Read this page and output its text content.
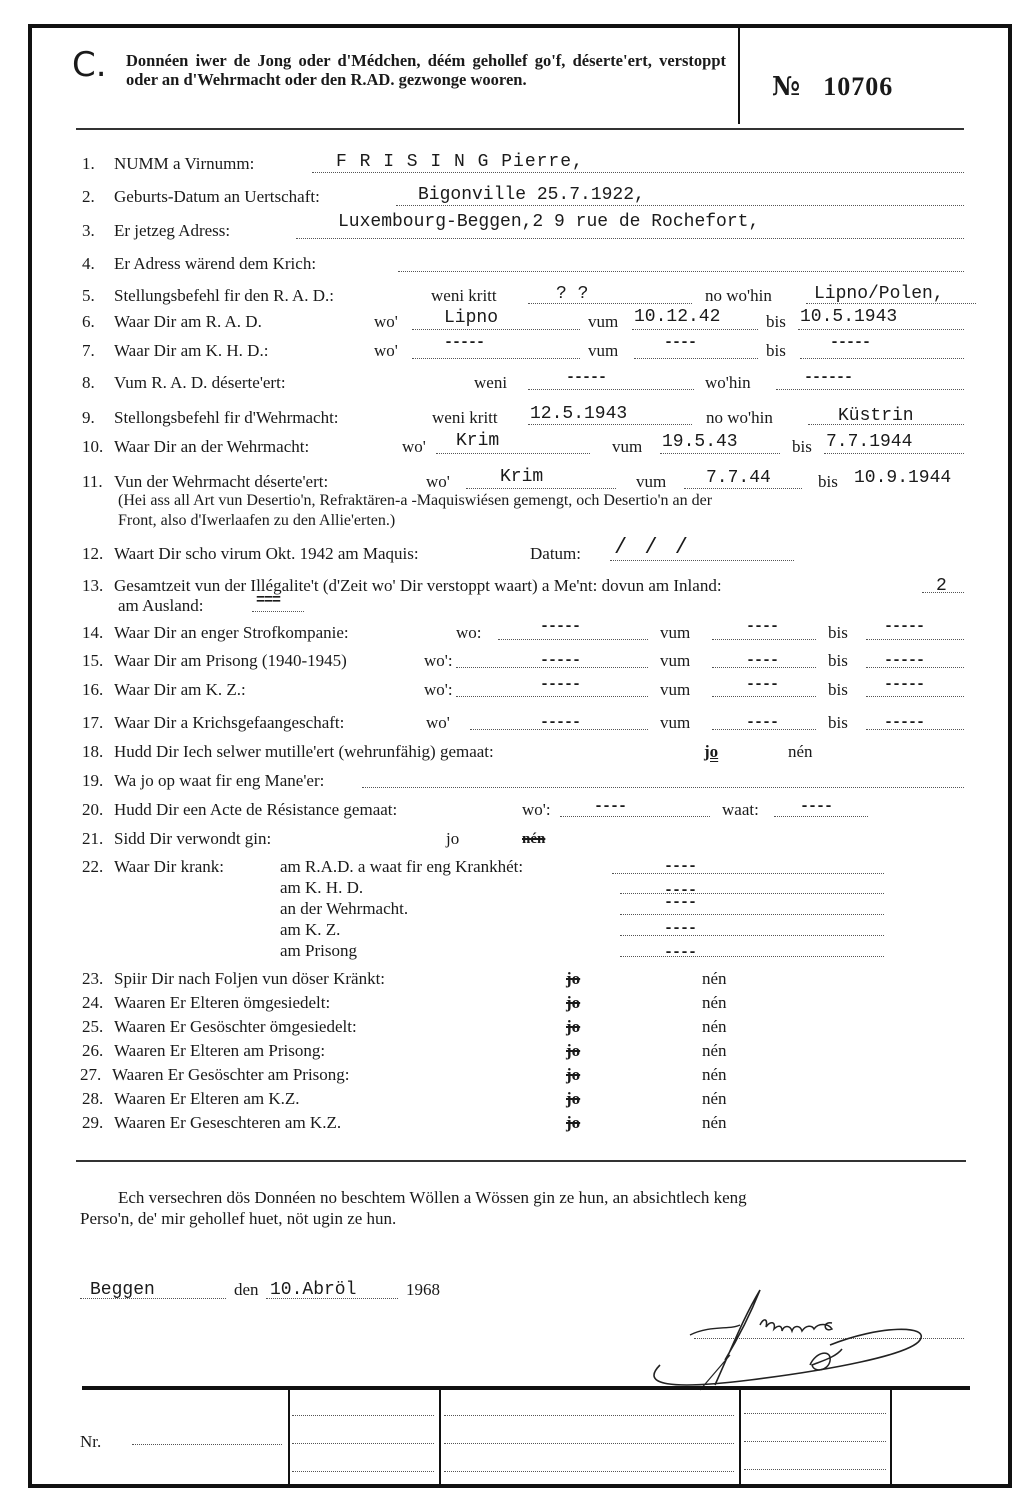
C. Donnéen iwer de Jong oder d'Médchen, déém gehollef go'f, déserte'ert, verstoppt oder an d'Wehrmacht oder den R.AD. gezwonge wooren.	№ 10706
1. NUMM a Virnumm:	F R I S I N G Pierre,
2. Geburts-Datum an Uertschaft:	Bigonville 25.7.1922,
3. Er jetzeg Adress:	Luxembourg-Beggen,2 9 rue de Rochefort,
4. Er Adress wärend dem Krich:
5. Stellungsbefehl fir den R. A. D.:	weni kritt	? ?	no wo'hin Lipno/Polen,
6. Waar Dir am R. A. D.	wo'	Lipno	vum 10.12.42	bis 10.5.1943
7. Waar Dir am K. H. D.:	wo'	-----	vum	----	bis	-----
8. Vum R. A. D. déserte'ert:	weni	-----	wo'hin	------
9. Stellongsbefehl fir d'Wehrmacht:	weni kritt 12.5.1943	no wo'hin	Küstrin
10. Waar Dir an der Wehrmacht:	wo' Krim	vum 19.5.43	bis 7.7.1944
11. Vun der Wehrmacht déserte'ert:	wo'	Krim	vum 7.7.44	bis 10.9.1944
(Hei ass all Art vun Desertio'n, Refraktären-a -Maquiswiésen gemengt, och Desertio'n an der
Front, also d'Iwerlaafen zu den Allie'erten.)
12. Waart Dir scho virum Okt. 1942 am Maquis:	Datum: / / /
13. Gesamtzeit vun der Illégalite't (d'Zeit wo' Dir verstoppt waart) a Me'nt: dovun am Inland:	2
am Ausland:	===
14. Waar Dir an enger Strofkompanie:	wo:	-----	vum	----	bis -----
15. Waar Dir am Prisong (1940-1945)	wo':	-----	vum	----	bis -----
16. Waar Dir am K. Z.:	wo':	-----	vum	----	bis -----
17. Waar Dir a Krichsgefaangeschaft:	wo'	-----	vum	----	bis -----
18. Hudd Dir Iech selwer mutille'ert (wehrunfähig) gemaat:	jo	nén
19. Wa jo op waat fir eng Mane'er:
20. Hudd Dir een Acte de Résistance gemaat:	wo':	----	waat:	----
21. Sidd Dir verwondt gin:	jo	nén
22. Waar Dir krank:	am R.A.D. a waat fir eng Krankhét:	----
am K. H. D.	----
an der Wehrmacht.	----
am K. Z.	----
am Prisong	----
23. Spiir Dir nach Foljen vun döser Kränkt:	jo	nén
24. Waaren Er Elteren ömgesiedelt:	jo	nén
25. Waaren Er Gesöschter ömgesiedelt:	jo	nén
26. Waaren Er Elteren am Prisong:	jo	nén
27. Waaren Er Gesöschter am Prisong:	jo	nén
28. Waaren Er Elteren am K.Z.	jo	nén
29. Waaren Er Geseschteren am K.Z.	jo	nén
Ech versechren dös Donnéen no beschtem Wöllen a Wössen gin ze hun, an absichtlech keng
Perso'n, de' mir gehollef huet, nöt ugin ze hun.
Beggen	den 10.Abröl	1968
Nr.
